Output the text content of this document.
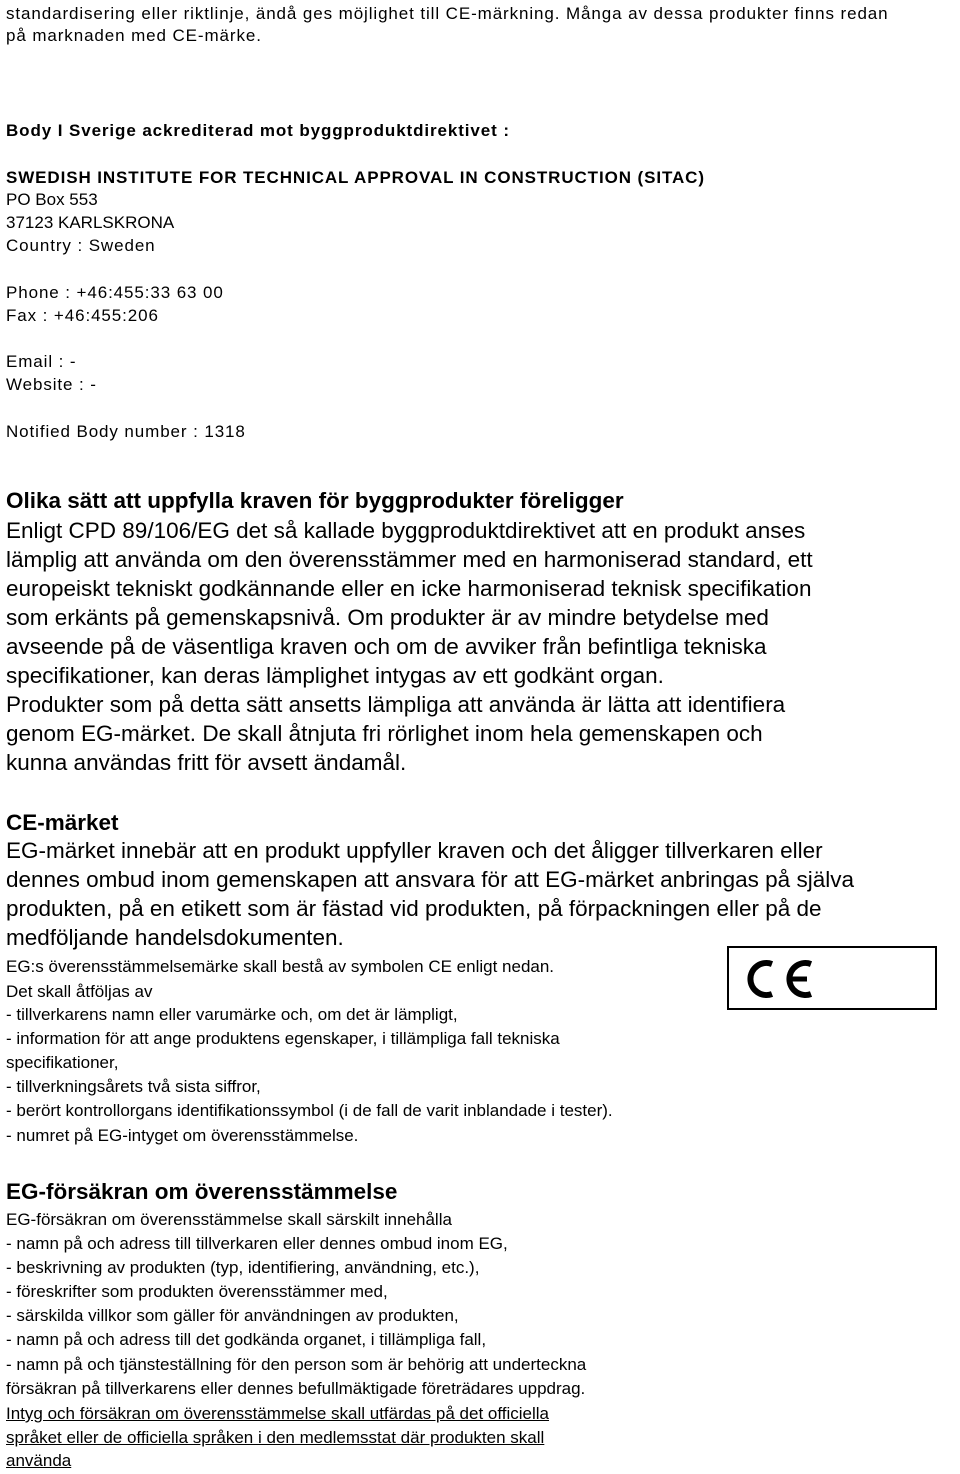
standardisering eller riktlinje, ändå ges möjlighet till CE-märkning. Många av dessa produkter finns redan

på marknaden med CE-märke.

Body I Sverige ackrediterad mot byggproduktdirektivet :

SWEDISH INSTITUTE FOR TECHNICAL APPROVAL IN CONSTRUCTION (SITAC)

PO Box 553

37123 KARLSKRONA

Country : Sweden

Phone : +46:455:33 63 00

Fax : +46:455:206

Email : -

Website : -

Notified Body number : 1318

Olika sätt att uppfylla kraven för byggprodukter föreligger

Enligt CPD 89/106/EG det så kallade byggproduktdirektivet att en produkt anses

lämplig att använda om den överensstämmer med en harmoniserad standard, ett

europeiskt tekniskt godkännande eller en icke harmoniserad teknisk specifikation

som erkänts på gemenskapsnivå. Om produkter är av mindre betydelse med

avseende på de väsentliga kraven och om de avviker från befintliga tekniska

specifikationer, kan deras lämplighet intygas av ett godkänt organ.

Produkter som på detta sätt ansetts lämpliga att använda är lätta att identifiera

genom EG-märket. De skall åtnjuta fri rörlighet inom hela gemenskapen och

kunna användas fritt för avsett ändamål.

CE-märket

EG-märket innebär att en produkt uppfyller kraven och det åligger tillverkaren eller

dennes ombud inom gemenskapen att ansvara för att EG-märket anbringas på själva

produkten, på en etikett som är fästad vid produkten, på förpackningen eller på de

medföljande handelsdokumenten.

EG:s överensstämmelsemärke skall bestå av symbolen CE enligt nedan.

Det skall åtföljas av

- tillverkarens namn eller varumärke och, om det är lämpligt,

- information för att ange produktens egenskaper, i tillämpliga fall tekniska

specifikationer,

- tillverkningsårets två sista siffror,

- berört kontrollorgans identifikationssymbol (i de fall de varit inblandade i tester).

- numret på EG-intyget om överensstämmelse.

EG-försäkran om överensstämmelse

EG-försäkran om överensstämmelse skall särskilt innehålla

- namn på och adress till tillverkaren eller dennes ombud inom EG,

- beskrivning av produkten (typ, identifiering, användning, etc.),

- föreskrifter som produkten överensstämmer med,

- särskilda villkor som gäller för användningen av produkten,

- namn på och adress till det godkända organet, i tillämpliga fall,

- namn på och tjänsteställning för den person som är behörig att underteckna

försäkran på tillverkarens eller dennes befullmäktigade företrädares uppdrag.

Intyg och försäkran om överensstämmelse skall utfärdas på det officiella

språket eller de officiella språken i den medlemsstat där produkten skall

använda
